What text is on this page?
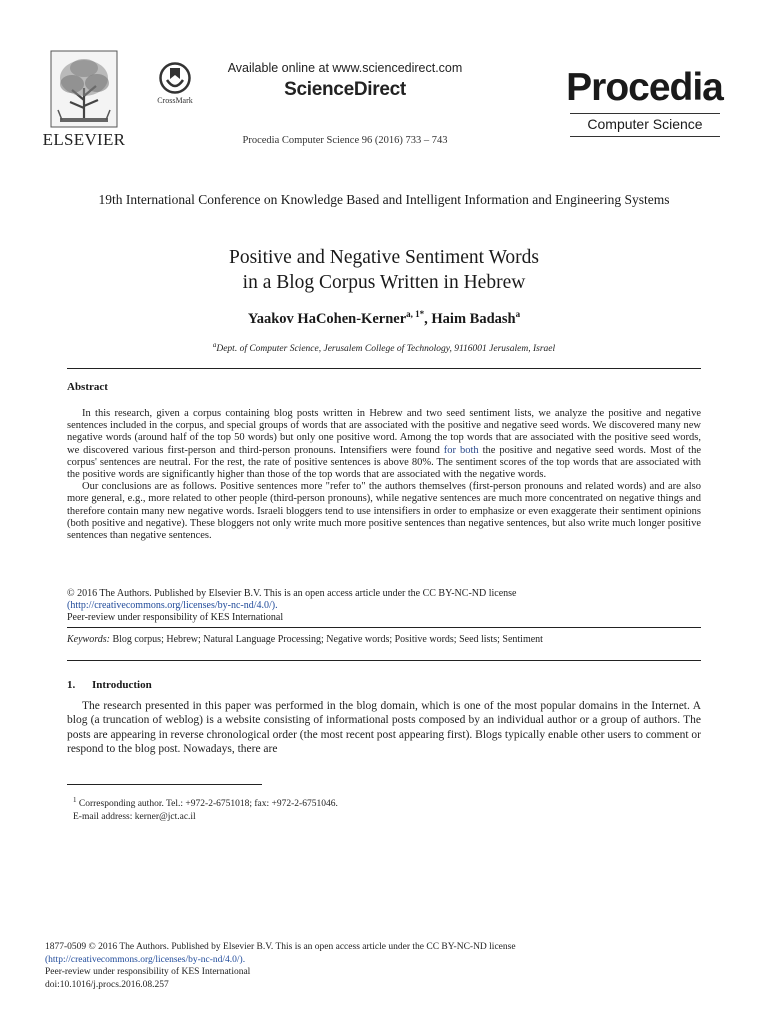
ELSEVIER
CrossMark
Available online at www.sciencedirect.com
ScienceDirect
Procedia Computer Science 96 (2016) 733 – 743
Procedia
Computer Science
19th International Conference on Knowledge Based and Intelligent Information and Engineering Systems
Positive and Negative Sentiment Words
in a Blog Corpus Written in Hebrew
Yaakov HaCohen-Kerner$^{a, 1*}$, Haim Badash$^a$
$^a$Dept. of Computer Science, Jerusalem College of Technology, 9116001 Jerusalem, Israel
Abstract

In this research, given a corpus containing blog posts written in Hebrew and two seed sentiment lists, we analyze the positive and negative sentences included in the corpus, and special groups of words that are associated with the positive and negative seed words. We discovered many new negative words (around half of the top 50 words) but only one positive word. Among the top words that are associated with the positive seed words, we discovered various first-person and third-person pronouns. Intensifiers were found for both the positive and negative seed words. Most of the corpus' sentences are neutral. For the rest, the rate of positive sentences is above 80%. The sentiment scores of the top words that are associated with the positive words are significantly higher than those of the top words that are associated with the negative words.

Our conclusions are as follows. Positive sentences more "refer to" the authors themselves (first-person pronouns and related words) and are also more general, e.g., more related to other people (third-person pronouns), while negative sentences are much more concentrated on negative things and therefore contain many new negative words. Israeli bloggers tend to use intensifiers in order to emphasize or even exaggerate their sentiment opinions (both positive and negative). These bloggers not only write much more positive sentences than negative sentences, but also write much longer positive sentences than negative sentences.

© 2016 The Authors. Published by Elsevier B.V. This is an open access article under the CC BY-NC-ND license
(http://creativecommons.org/licenses/by-nc-nd/4.0/).
Peer-review under responsibility of KES International
Keywords: Blog corpus; Hebrew; Natural Language Processing; Negative words; Positive words; Seed lists; Sentiment
1. Introduction

The research presented in this paper was performed in the blog domain, which is one of the most popular domains in the Internet. A blog (a truncation of weblog) is a website consisting of informational posts composed by an individual author or a group of authors. The posts are appearing in reverse chronological order (the most recent post appearing first). Blogs typically enable other users to comment or respond to the blog post. Nowadays, there are

$^1$ Corresponding author. Tel.: +972-2-6751018; fax: +972-2-6751046.
E-mail address: kerner@jct.ac.il
1877-0509 © 2016 The Authors. Published by Elsevier B.V. This is an open access article under the CC BY-NC-ND license
(http://creativecommons.org/licenses/by-nc-nd/4.0/).
Peer-review under responsibility of KES International
doi:10.1016/j.procs.2016.08.257
